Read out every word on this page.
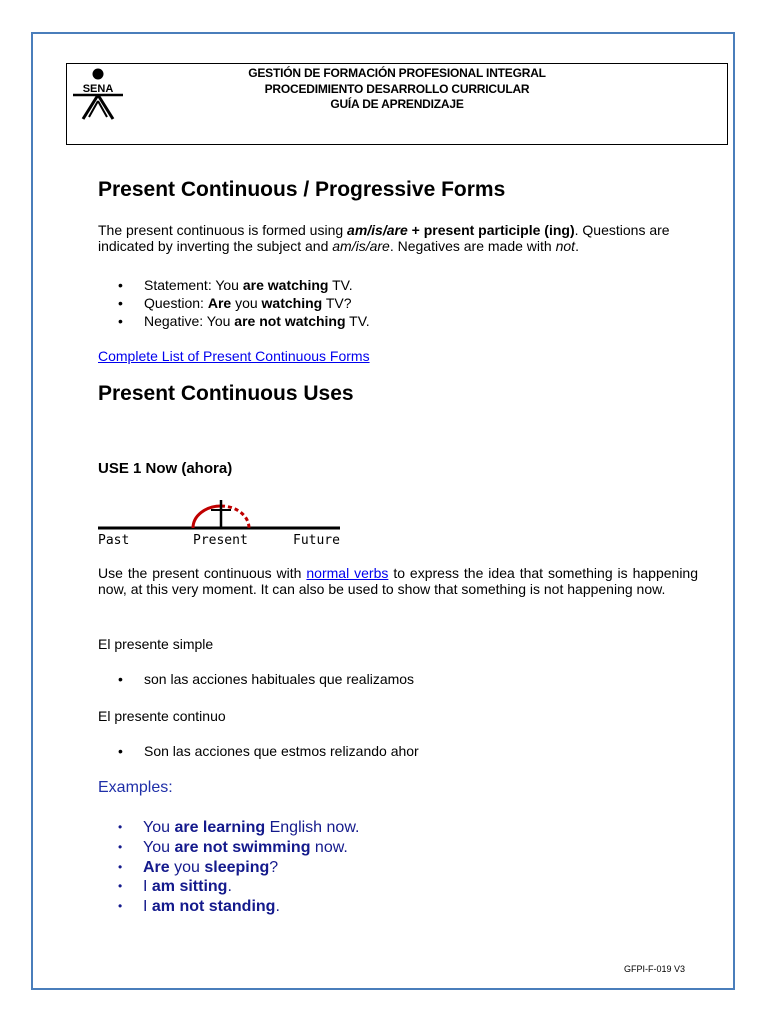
SENA
GESTIÓN DE FORMACIÓN PROFESIONAL INTEGRAL
PROCEDIMIENTO DESARROLLO CURRICULAR
GUÍA DE APRENDIZAJE
Present Continuous / Progressive Forms

The present continuous is formed using am/is/are + present participle (ing). Questions are indicated by inverting the subject and am/is/are. Negatives are made with not.

• Statement: You are watching TV.
• Question: Are you watching TV?
• Negative: You are not watching TV.
Complete List of Present Continuous Forms
Present Continuous Uses
USE 1 Now (ahora)
Past	Present	Future

Use the present continuous with normal verbs to express the idea that something is happening now, at this very moment. It can also be used to show that something is not happening now.

El presente simple
• son las acciones habituales que realizamos
El presente continuo
• Son las acciones que estmos relizando ahor
Examples:
• You are learning English now.
• You are not swimming now.
• Are you sleeping?
• I am sitting.
• I am not standing.
GFPI-F-019 V3
